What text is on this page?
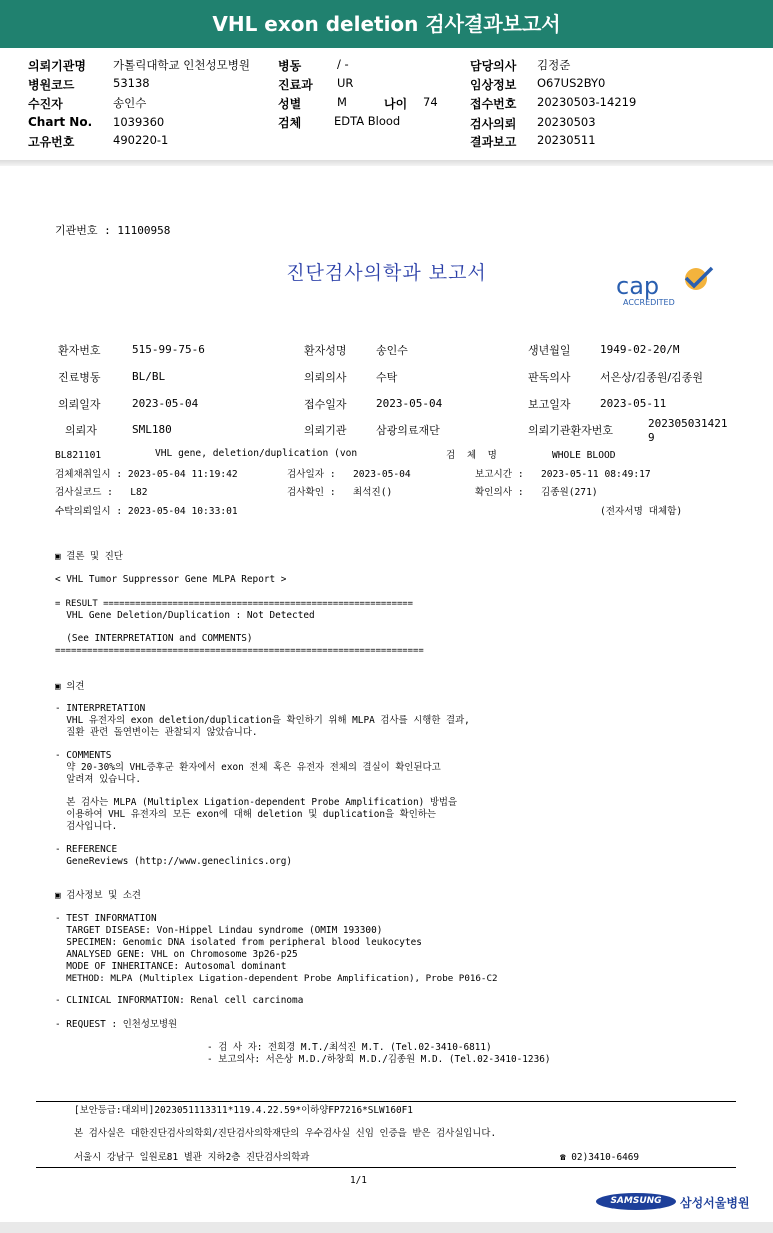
VHL exon deletion 검사결과보고서
의뢰기관명 가톨릭대학교 인천성모병원
병원코드	53138
수진자	송인수
Chart No. 1039360
고유번호	490220-1
병동	/ -
진료과 UR
성별	M	나이 74
검체	EDTA Blood
담당의사 김정준
임상정보 O67US2BY0
접수번호 20230503-14219
검사의뢰 20230503
결과보고 20230511
기관번호 : 11100958
진단검사의학과 보고서	cap
ACCREDITED
환자번호	515-99-75-6	환자성명	송인수	생년월일	1949-02-20/M
진료병동	BL/BL	의뢰의사	수탁	판독의사	서은상/김종원/김종원
의뢰일자	2023-05-04	접수일자	2023-05-04	보고일자	2023-05-11
의뢰자	SML180	의뢰기관	삼광의료재단	의뢰기관환자번호
202305031421
9
BL821101	VHL gene, deletion/duplication (von	검  체  명	WHOLE BLOOD
검체채취일시 : 2023-05-04 11:19:42	검사일자 :   2023-05-04	보고시간 :   2023-05-11 08:49:17
검사실코드 :   L82	검사확인 :   최석진()	확인의사 :   김종원(271)
수탁의뢰일시 : 2023-05-04 10:33:01	(전자서명 대체함)
▣ 결론 및 진단
< VHL Tumor Suppressor Gene MLPA Report >
= RESULT ==========================================================
VHL Gene Deletion/Duplication : Not Detected
(See INTERPRETATION and COMMENTS)
=====================================================================
▣ 의견
- INTERPRETATION
VHL 유전자의 exon deletion/duplication을 확인하기 위해 MLPA 검사를 시행한 결과,
질환 관련 돌연변이는 관찰되지 않았습니다.
- COMMENTS
약 20-30%의 VHL증후군 환자에서 exon 전체 혹은 유전자 전체의 결실이 확인된다고
알려져 있습니다.
본 검사는 MLPA (Multiplex Ligation-dependent Probe Amplification) 방법을
이용하여 VHL 유전자의 모든 exon에 대해 deletion 및 duplication을 확인하는
검사입니다.
- REFERENCE
GeneReviews (http://www.geneclinics.org)
▣ 검사정보 및 소견
- TEST INFORMATION
TARGET DISEASE: Von-Hippel Lindau syndrome (OMIM 193300)
SPECIMEN: Genomic DNA isolated from peripheral blood leukocytes
ANALYSED GENE: VHL on Chromosome 3p26-p25
MODE OF INHERITANCE: Autosomal dominant
METHOD: MLPA (Multiplex Ligation-dependent Probe Amplification), Probe P016-C2
- CLINICAL INFORMATION: Renal cell carcinoma
- REQUEST : 인천성모병원
- 검 사 자: 전희경 M.T./최석진 M.T. (Tel.02-3410-6811)
- 보고의사: 서은상 M.D./하창희 M.D./김종원 M.D. (Tel.02-3410-1236)
[보안등급:대외비]2023051113311*119.4.22.59*이하양FP7216*SLW160F1
본 검사실은 대한진단검사의학회/진단검사의학재단의 우수검사실 신임 인증을 받은 검사실입니다.
서울시 강남구 일원로81 별관 지하2층 진단검사의학과	☎ 02)3410-6469
1/1
SAMSUNG	삼성서울병원
